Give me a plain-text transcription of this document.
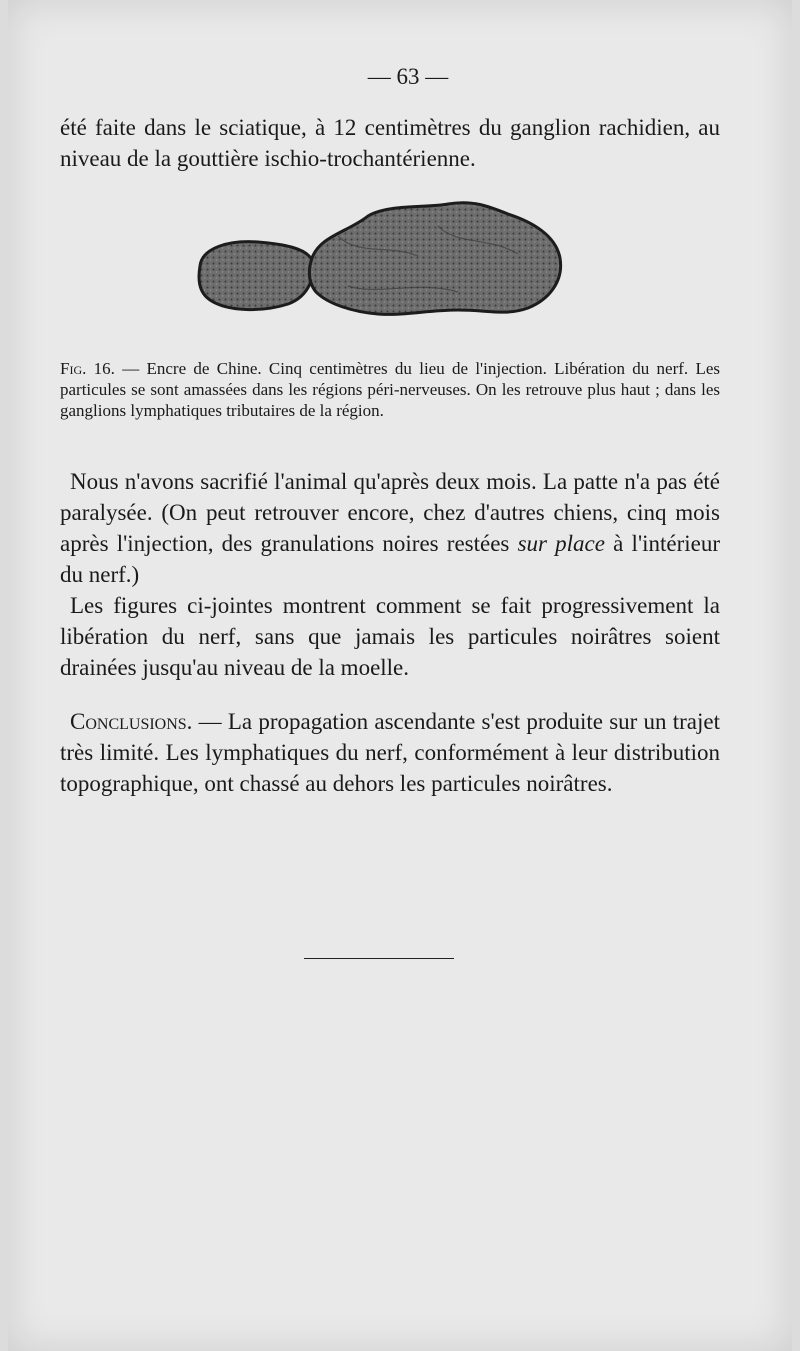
— 63 —

été faite dans le sciatique, à 12 centimètres du ganglion rachidien, au niveau de la gouttière ischio-trochantérienne.

Fig. 16. — Encre de Chine. Cinq centimètres du lieu de l'injection. Libération du nerf. Les particules se sont amassées dans les régions péri-nerveuses. On les retrouve plus haut ; dans les ganglions lymphatiques tributaires de la région.

Nous n'avons sacrifié l'animal qu'après deux mois. La patte n'a pas été paralysée. (On peut retrouver encore, chez d'autres chiens, cinq mois après l'injection, des granulations noires restées sur place à l'intérieur du nerf.)

Les figures ci-jointes montrent comment se fait progressivement la libération du nerf, sans que jamais les particules noirâtres soient drainées jusqu'au niveau de la moelle.

Conclusions. — La propagation ascendante s'est produite sur un trajet très limité. Les lymphatiques du nerf, conformément à leur distribution topographique, ont chassé au dehors les particules noirâtres.
